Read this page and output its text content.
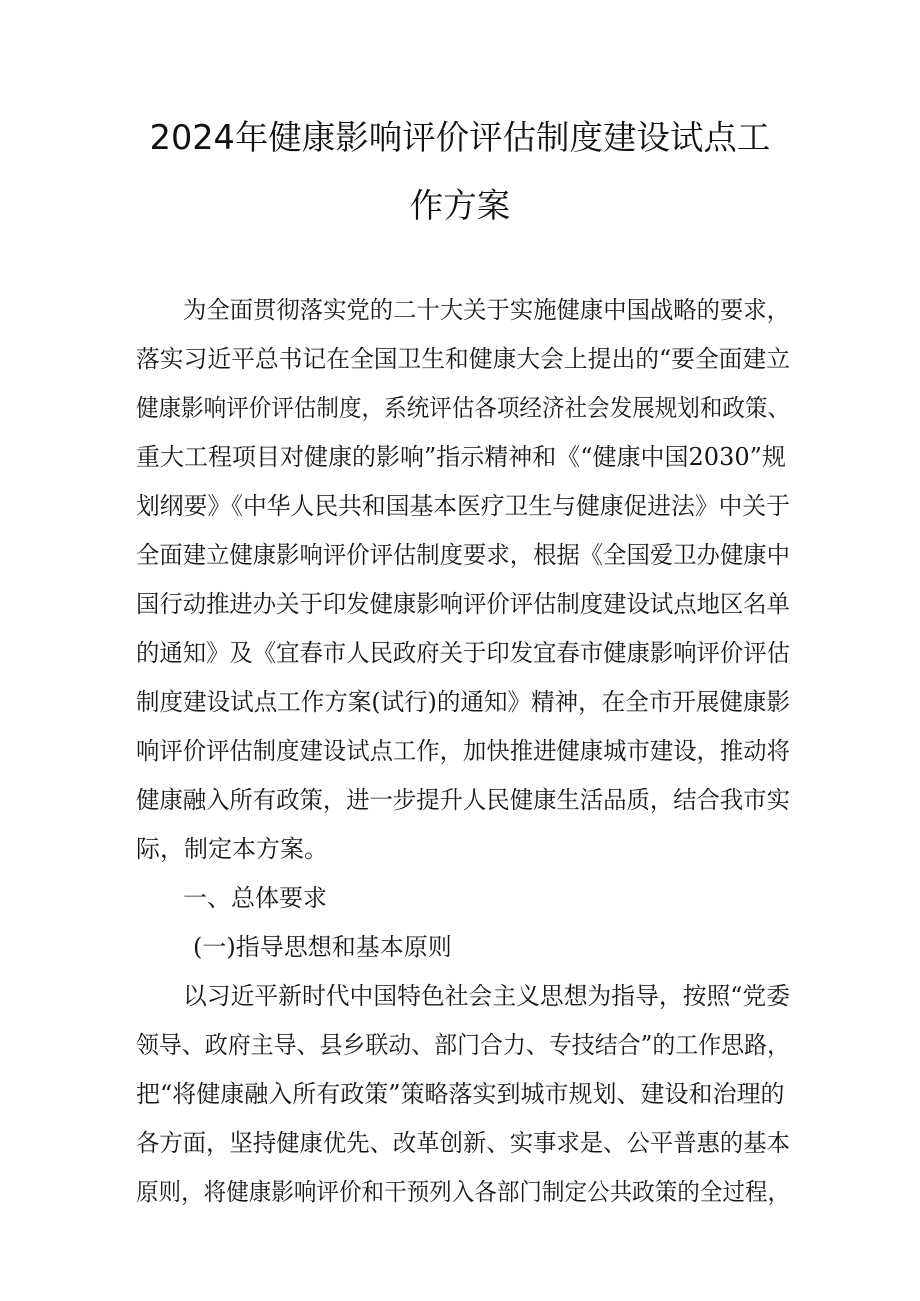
2024年健康影响评价评估制度建设试点工
作方案
为全面贯彻落实党的二十大关于实施健康中国战略的要求，
落实习近平总书记在全国卫生和健康大会上提出的“要全面建立
健康影响评价评估制度，系统评估各项经济社会发展规划和政策、
重大工程项目对健康的影响”指示精神和《“健康中国2030”规
划纲要》《中华人民共和国基本医疗卫生与健康促进法》中关于
全面建立健康影响评价评估制度要求，根据《全国爱卫办健康中
国行动推进办关于印发健康影响评价评估制度建设试点地区名单
的通知》及《宜春市人民政府关于印发宜春市健康影响评价评估
制度建设试点工作方案(试行)的通知》精神，在全市开展健康影
响评价评估制度建设试点工作，加快推进健康城市建设，推动将
健康融入所有政策，进一步提升人民健康生活品质，结合我市实
际，制定本方案。
一、总体要求
(一)指导思想和基本原则
以习近平新时代中国特色社会主义思想为指导，按照“党委
领导、政府主导、县乡联动、部门合力、专技结合”的工作思路，
把“将健康融入所有政策”策略落实到城市规划、建设和治理的
各方面，坚持健康优先、改革创新、实事求是、公平普惠的基本
原则，将健康影响评价和干预列入各部门制定公共政策的全过程，
